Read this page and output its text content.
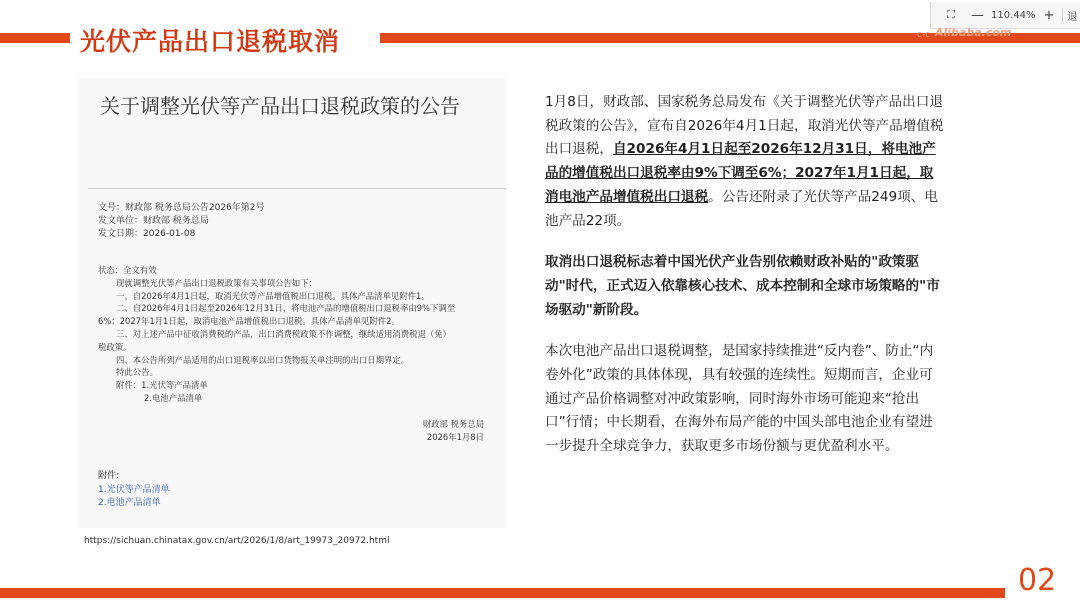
光伏产品出口退税取消
⛶	— 110.44% + 退
c-c Alibaba.com
关于调整光伏等产品出口退税政策的公告
文号：财政部 税务总局公告2026年第2号
发文单位：财政部 税务总局
发文日期：2026-01-08
状态：全文有效
现就调整光伏等产品出口退税政策有关事项公告如下：
一、自2026年4月1日起，取消光伏等产品增值税出口退税。具体产品清单见附件1。
二、自2026年4月1日起至2026年12月31日，将电池产品的增值税出口退税率由9%下调至
6%；2027年1月1日起，取消电池产品增值税出口退税。具体产品清单见附件2。
三、对上述产品中征收消费税的产品，出口消费税政策不作调整，继续适用消费税退（免）
税政策。
四、本公告所列产品适用的出口退税率以出口货物报关单注明的出口日期界定。
特此公告。
附件：1.光伏等产品清单
2.电池产品清单
财政部 税务总局
2026年1月8日
附件:
1.光伏等产品清单
2.电池产品清单
https://sichuan.chinatax.gov.cn/art/2026/1/8/art_19973_20972.html

1月8日，财政部、国家税务总局发布《关于调整光伏等产品出口退税政策的公告》，宣布自2026年4月1日起，取消光伏等产品增值税出口退税，自2026年4月1日起至2026年12月31日，将电池产品的增值税出口退税率由9%下调至6%；2027年1月1日起，取消电池产品增值税出口退税。公告还附录了光伏等产品249项、电池产品22项。

取消出口退税标志着中国光伏产业告别依赖财政补贴的"政策驱动"时代，正式迈入依靠核心技术、成本控制和全球市场策略的"市场驱动"新阶段。

本次电池产品出口退税调整，是国家持续推进“反内卷”、防止“内卷外化”政策的具体体现，具有较强的连续性。短期而言，企业可通过产品价格调整对冲政策影响，同时海外市场可能迎来“抢出口”行情；中长期看，在海外布局产能的中国头部电池企业有望进一步提升全球竞争力，获取更多市场份额与更优盈利水平。

02
